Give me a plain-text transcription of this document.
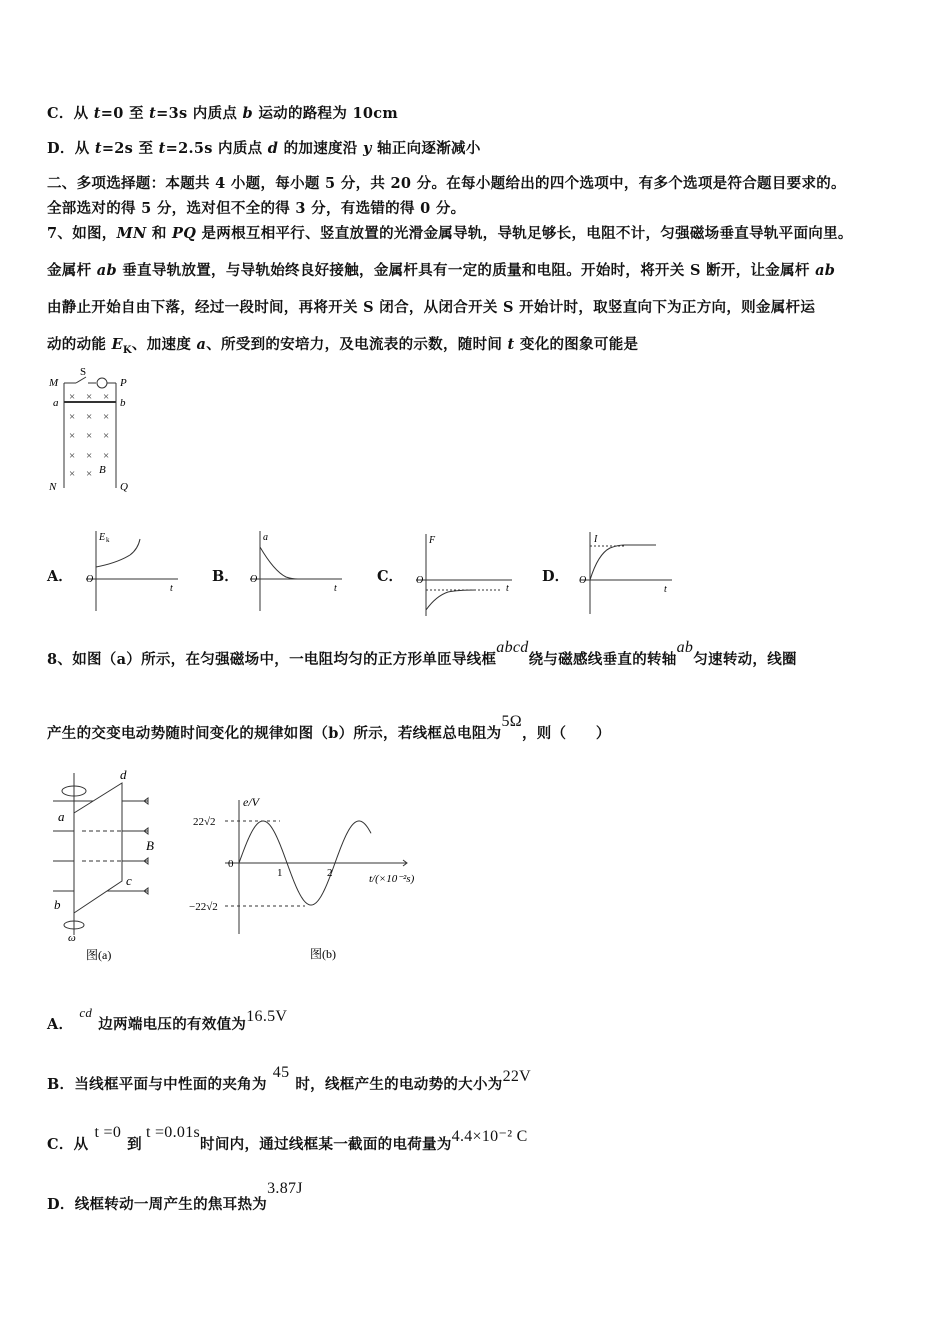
C．从 t=0 至 t=3s 内质点 b 运动的路程为 10cm
D．从 t=2s 至 t=2.5s 内质点 d 的加速度沿 y 轴正向逐渐减小
二、多项选择题：本题共 4 小题，每小题 5 分，共 20 分。在每小题给出的四个选项中，有多个选项是符合题目要求的。
全部选对的得 5 分，选对但不全的得 3 分，有选错的得 0 分。
7、如图，MN 和 PQ 是两根互相平行、竖直放置的光滑金属导轨，导轨足够长，电阻不计，匀强磁场垂直导轨平面向里。
金属杆 ab 垂直导轨放置，与导轨始终良好接触，金属杆具有一定的质量和电阻。开始时，将开关 S 断开，让金属杆 ab
由静止开始自由下落，经过一段时间，再将开关 S 闭合，从闭合开关 S 开始计时，取竖直向下为正方向，则金属杆运
动的动能 $E_K$、加速度 a、所受到的安培力，及电流表的示数，随时间 t 变化的图象可能是
M
S
P
a	b
N
B
Q
× × ×
× × ×
× × ×
× × ×
× ×
A．
E k
O
t
B．
a
O
t
C．
F
O
t
D．
I
O
t
8、如图（a）所示，在匀强磁场中，一电阻均匀的正方形单匝导线框abcd绕与磁感线垂直的转轴ab匀速转动，线圈
产生的交变电动势随时间变化的规律如图（b）所示，若线框总电阻为5Ω，则（　　）
d
a
B
c
b
ω
图(a)
e/V
22√2
−22√2
0
1	2	t/(×10⁻²s)
图(b)
A．cd边两端电压的有效值为16.5V
B．当线框平面与中性面的夹角为45时，线框产生的电动势的大小为22V
C．从t =0到t =0.01s时间内，通过线框某一截面的电荷量为4.4×10⁻² C
D．线框转动一周产生的焦耳热为3.87J
